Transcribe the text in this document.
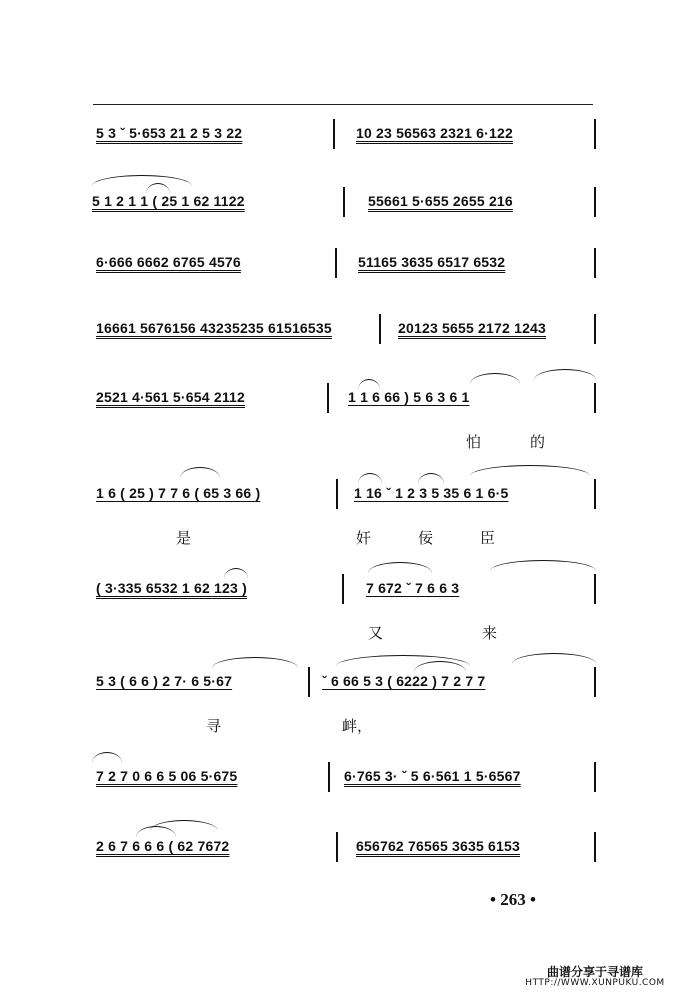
5 3 ˇ 5·653 21 2 5 3 22	10 23 56563 2321 6·122
5 1 2 1 1 ( 25 1 62 1122	55661 5·655 2655 216
6·666 6662 6765 4576	51165 3635 6517 6532
16661 5676156 43235235 61516535	20123 5655 2172 1243
2521 4·561 5·654 2112	1 1 6 66 ) 5 6 3 6 1
怕	的
1 6 ( 25 ) 7 7 6 ( 65 3 66 )	1 16 ˇ 1 2 3 5 35 6 1 6·5
是	奸	佞	臣
( 3·335 6532 1 62 123 )	7 672 ˇ 7 6 6 3
又	来
5 3 ( 6 6 ) 2 7· 6 5·67	ˇ 6 66 5 3 ( 6222 ) 7 2 7 7
寻	衅，
7 2 7 0 6 6 5 06 5·675	6·765 3· ˇ 5 6·561 1 5·6567
2 6 7 6 6 6 ( 62 7672	656762 76565 3635 6153
• 263 •
曲谱分享于寻谱库
HTTP://WWW.XUNPUKU.COM
